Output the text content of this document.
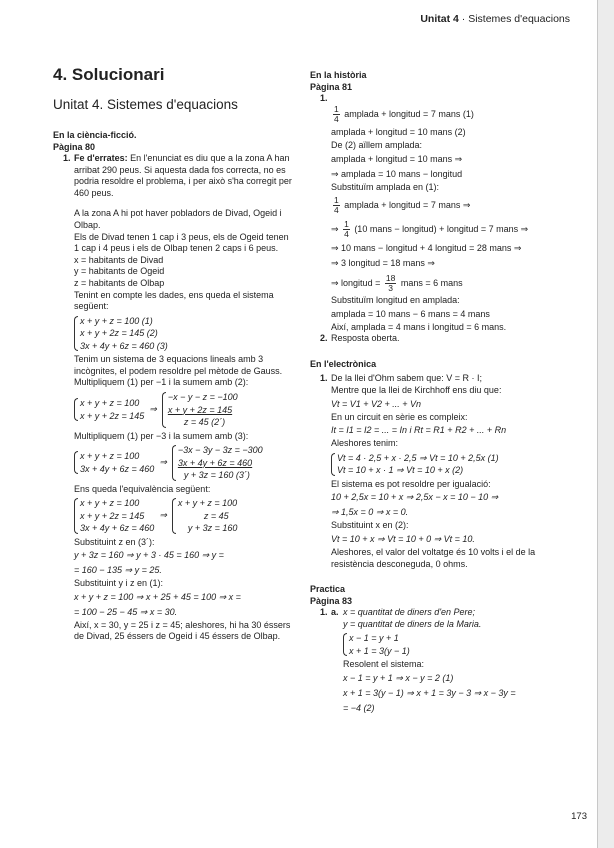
Unitat 4 · Sistemes d'equacions
4. Solucionari
Unitat 4. Sistemes d'equacions
En la ciència-ficció.
Pàgina 80
1. Fe d'errates: En l'enunciat es diu que a la zona A han arribat 290 peus. Si aquesta dada fos correcta, no es podria resoldre el problema, i per això s'ha corregit per 460 peus.

A la zona A hi pot haver pobladors de Divad, Ogeid i Olbap.

Els de Divad tenen 1 cap i 3 peus, els de Ogeid tenen 1 cap i 4 peus i els de Olbap tenen 2 caps i 6 peus.

x = habitants de Divad

y = habitants de Ogeid

z = habitants de Olbap

Tenint en compte les dades, ens queda el sistema següent:

x + y + z = 100 (1)
x + y + 2z = 145 (2)
3x + 4y + 6z = 460 (3)

Tenim un sistema de 3 equacions lineals amb 3 incògnites, el podem resoldre pel mètode de Gauss.

Multipliquem (1) per −1 i la sumem amb (2):

x + y + z = 100
x + y + 2z = 145
⇒
−x − y − z = −100
x + y + 2z = 145
z = 45 (2´)

Multipliquem (1) per −3 i la sumem amb (3):

x + y + z = 100
3x + 4y + 6z = 460
⇒
−3x − 3y − 3z = −300
3x + 4y + 6z = 460
y + 3z = 160 (3´)

Ens queda l'equivalència següent:

x + y + z = 100
x + y + 2z = 145
3x + 4y + 6z = 460
⇒
x + y + z = 100
z = 45
y + 3z = 160

Substituint z en (3´):

y + 3z = 160 ⇒ y + 3 · 45 = 160 ⇒ y =

= 160 − 135 ⇒ y = 25.

Substituint y i z en (1):

x + y + z = 100 ⇒ x + 25 + 45 = 100 ⇒ x =

= 100 − 25 − 45 ⇒ x = 30.

Així, x = 30, y = 25 i z = 45; aleshores, hi ha 30 éssers de Divad, 25 éssers de Ogeid i 45 éssers de Olbap.

En la història
Pàgina 81
1.

$\frac{1}{4}$ amplada + longitud = 7 mans (1)

amplada + longitud = 10 mans (2)

De (2) aïllem amplada:

amplada + longitud = 10 mans ⇒

⇒ amplada = 10 mans − longitud

Substituïm amplada en (1):

$\frac{1}{4}$ amplada + longitud = 7 mans ⇒

⇒ $\frac{1}{4} (10$ mans − longitud) + longitud = 7 mans ⇒

⇒ 10 mans − longitud + 4 longitud = 28 mans ⇒

⇒ 3 longitud = 18 mans ⇒

⇒ longitud = $\frac{18}{3}$ mans = 6 mans

Substituïm longitud en amplada:

amplada = 10 mans − 6 mans = 4 mans

Així, amplada = 4 mans i longitud = 6 mans.

2. Resposta oberta.

En l'electrònica
1. De la llei d'Ohm sabem que: V = R · I;

Mentre que la llei de Kirchhoff ens diu que:

Vt = V1 + V2 + ... + Vn

En un circuit en sèrie es compleix:

It = I1 = I2 = ... = In i Rt = R1 + R2 + ... + Rn

Aleshores tenim:

Vt = 4 · 2,5 + x · 2,5 ⇒ Vt = 10 + 2,5x (1)
Vt = 10 + x · 1 ⇒ Vt = 10 + x (2)

El sistema es pot resoldre per igualació:

10 + 2,5x = 10 + x ⇒ 2,5x − x = 10 − 10 ⇒

⇒ 1,5x = 0 ⇒ x = 0.

Substituint x en (2):

Vt = 10 + x ⇒ Vt = 10 + 0 ⇒ Vt = 10.

Aleshores, el valor del voltatge és 10 volts i el de la resistència desconeguda, 0 ohms.

Practica
Pàgina 83
1. a. x = quantitat de diners d'en Pere;

y = quantitat de diners de la Maria.

x − 1 = y + 1
x + 1 = 3(y − 1)

Resolent el sistema:

x − 1 = y + 1 ⇒ x − y = 2 (1)

x + 1 = 3(y − 1) ⇒ x + 1 = 3y − 3 ⇒ x − 3y =

= −4 (2)

173
